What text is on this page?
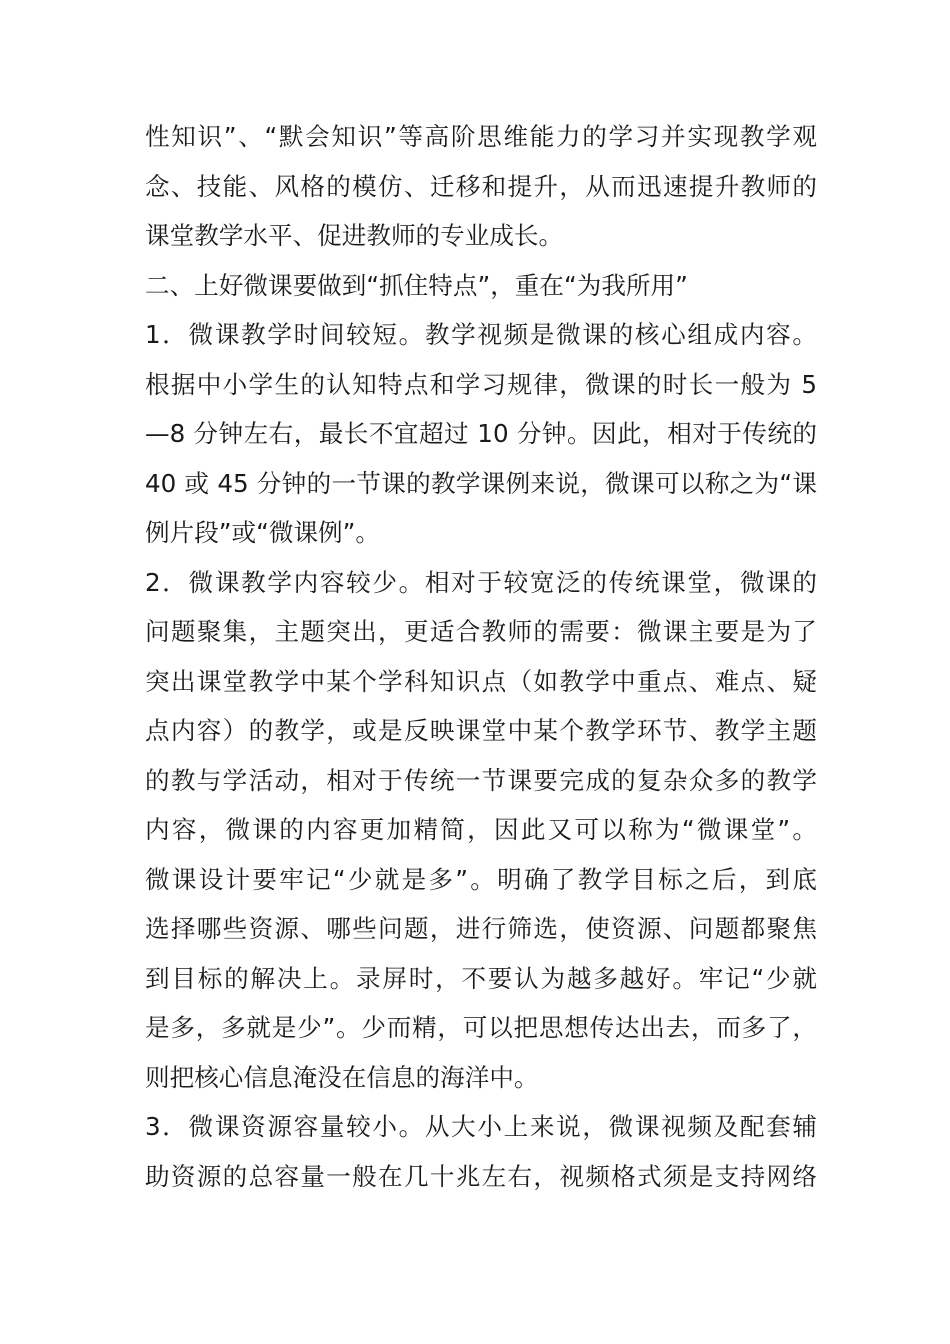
性知识”、“默会知识”等高阶思维能力的学习并实现教学观
念、技能、风格的模仿、迁移和提升，从而迅速提升教师的
课堂教学水平、促进教师的专业成长。
二、上好微课要做到“抓住特点”，重在“为我所用”
1．微课教学时间较短。教学视频是微课的核心组成内容。
根据中小学生的认知特点和学习规律，微课的时长一般为 5
—8 分钟左右，最长不宜超过 10 分钟。因此，相对于传统的
40 或 45 分钟的一节课的教学课例来说，微课可以称之为“课
例片段”或“微课例”。
2．微课教学内容较少。相对于较宽泛的传统课堂，微课的
问题聚集，主题突出，更适合教师的需要：微课主要是为了
突出课堂教学中某个学科知识点（如教学中重点、难点、疑
点内容）的教学，或是反映课堂中某个教学环节、教学主题
的教与学活动，相对于传统一节课要完成的复杂众多的教学
内容，微课的内容更加精简，因此又可以称为“微课堂”。
微课设计要牢记“少就是多”。明确了教学目标之后，到底
选择哪些资源、哪些问题，进行筛选，使资源、问题都聚焦
到目标的解决上。录屏时，不要认为越多越好。牢记“少就
是多，多就是少”。少而精，可以把思想传达出去，而多了，
则把核心信息淹没在信息的海洋中。
3．微课资源容量较小。从大小上来说，微课视频及配套辅
助资源的总容量一般在几十兆左右，视频格式须是支持网络
